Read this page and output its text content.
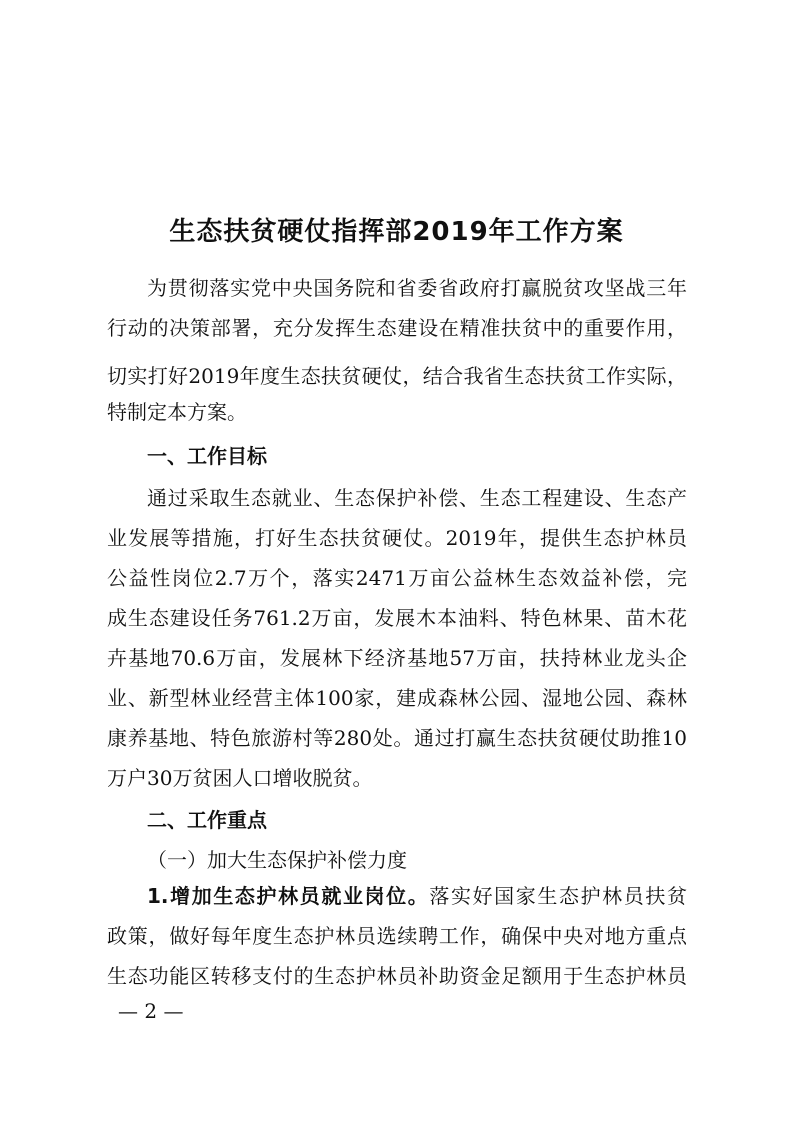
生态扶贫硬仗指挥部2019年工作方案
为贯彻落实党中央国务院和省委省政府打赢脱贫攻坚战三年
行动的决策部署，充分发挥生态建设在精准扶贫中的重要作用，
切实打好2019年度生态扶贫硬仗，结合我省生态扶贫工作实际，
特制定本方案。
一、工作目标
通过采取生态就业、生态保护补偿、生态工程建设、生态产
业发展等措施，打好生态扶贫硬仗。2019年，提供生态护林员
公益性岗位2.7万个，落实2471万亩公益林生态效益补偿，完
成生态建设任务761.2万亩，发展木本油料、特色林果、苗木花
卉基地70.6万亩，发展林下经济基地57万亩，扶持林业龙头企
业、新型林业经营主体100家，建成森林公园、湿地公园、森林
康养基地、特色旅游村等280处。通过打赢生态扶贫硬仗助推10
万户30万贫困人口增收脱贫。
二、工作重点
（一）加大生态保护补偿力度
1.增加生态护林员就业岗位。落实好国家生态护林员扶贫
政策，做好每年度生态护林员选续聘工作，确保中央对地方重点
生态功能区转移支付的生态护林员补助资金足额用于生态护林员
— 2 —
